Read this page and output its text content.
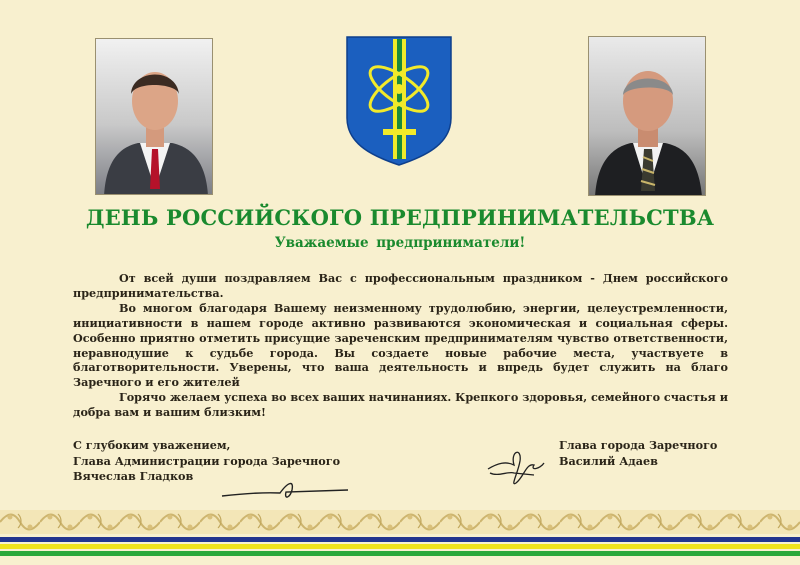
ДЕНЬ РОССИЙСКОГО ПРЕДПРИНИМАТЕЛЬСТВА
Уважаемые предприниматели!

От всей души поздравляем Вас с профессиональным праздником - Днем российского предпринимательства.

Во многом благодаря Вашему неизменному трудолюбию, энергии, целеустремленности, инициативности в нашем городе активно развиваются экономическая и социальная сферы. Особенно приятно отметить присущие зареченским предпринимателям чувство ответственности, неравнодушие к судьбе города. Вы создаете новые рабочие места, участвуете в благотворительности. Уверены, что ваша деятельность и впредь будет служить на благо Заречного и его жителей

Горячо желаем успеха во всех ваших начинаниях. Крепкого здоровья, семейного счастья и добра вам и вашим близким!

С глубоким уважением,
Глава Администрации города Заречного
Вячеслав Гладков
Глава города Заречного
Василий Адаев
